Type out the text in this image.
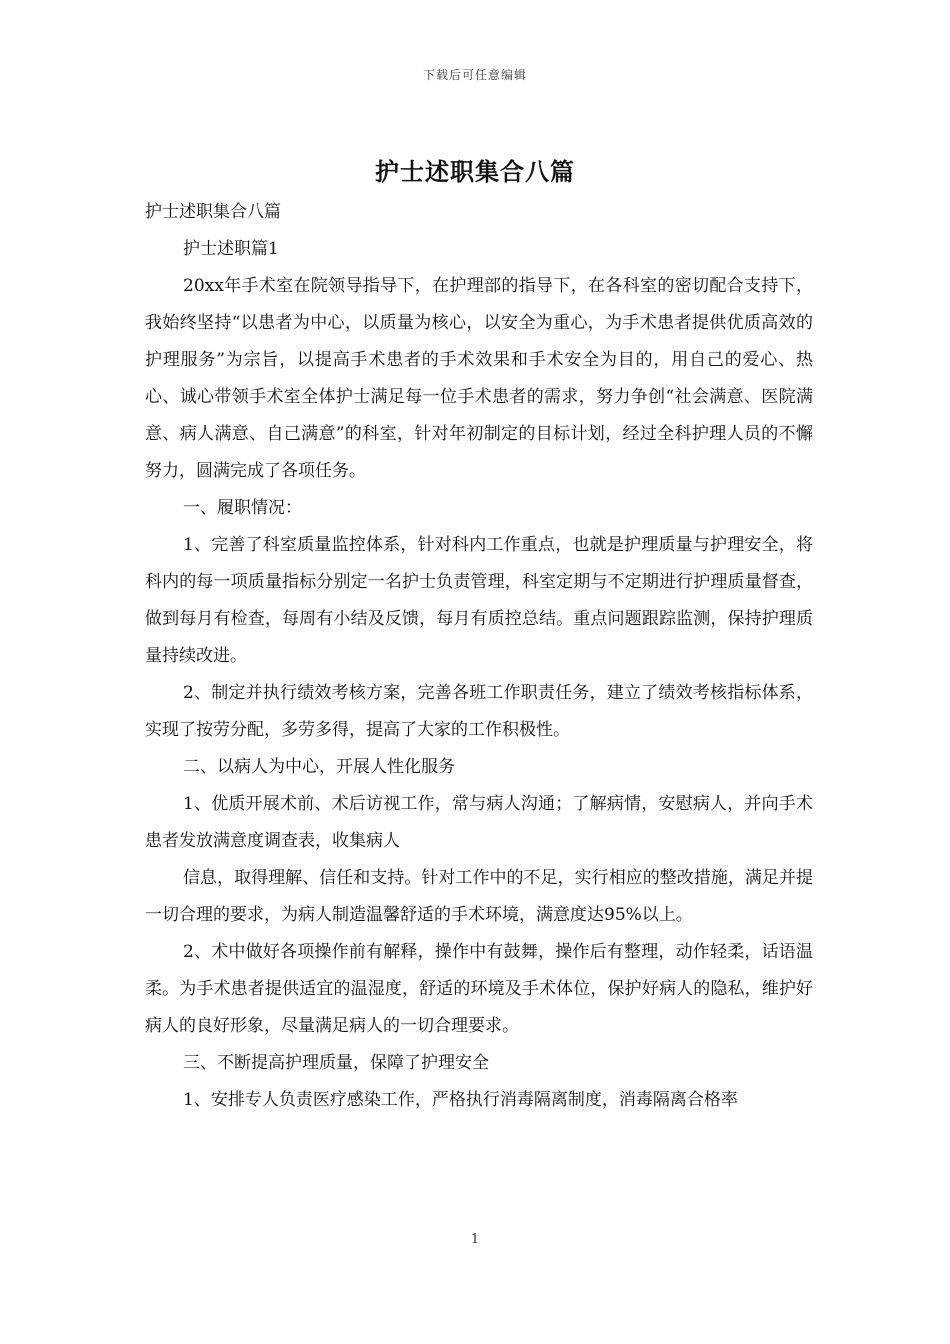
下载后可任意编辑
护士述职集合八篇

护士述职集合八篇

护士述职篇1

20xx年手术室在院领导指导下，在护理部的指导下，在各科室的密切配合支持下，我始终坚持“以患者为中心，以质量为核心，以安全为重心，为手术患者提供优质高效的护理服务”为宗旨，以提高手术患者的手术效果和手术安全为目的，用自己的爱心、热心、诚心带领手术室全体护士满足每一位手术患者的需求，努力争创“社会满意、医院满意、病人满意、自己满意”的科室，针对年初制定的目标计划，经过全科护理人员的不懈努力，圆满完成了各项任务。

一、履职情况：

1、完善了科室质量监控体系，针对科内工作重点，也就是护理质量与护理安全，将科内的每一项质量指标分别定一名护士负责管理，科室定期与不定期进行护理质量督查，做到每月有检查，每周有小结及反馈，每月有质控总结。重点问题跟踪监测，保持护理质量持续改进。

2、制定并执行绩效考核方案，完善各班工作职责任务，建立了绩效考核指标体系，实现了按劳分配，多劳多得，提高了大家的工作积极性。

二、以病人为中心，开展人性化服务

1、优质开展术前、术后访视工作，常与病人沟通；了解病情，安慰病人，并向手术患者发放满意度调查表，收集病人

信息，取得理解、信任和支持。针对工作中的不足，实行相应的整改措施，满足并提一切合理的要求，为病人制造温馨舒适的手术环境，满意度达95%以上。

2、术中做好各项操作前有解释，操作中有鼓舞，操作后有整理，动作轻柔，话语温柔。为手术患者提供适宜的温湿度，舒适的环境及手术体位，保护好病人的隐私，维护好病人的良好形象，尽量满足病人的一切合理要求。

三、不断提高护理质量，保障了护理安全

1、安排专人负责医疗感染工作，严格执行消毒隔离制度，消毒隔离合格率

1
